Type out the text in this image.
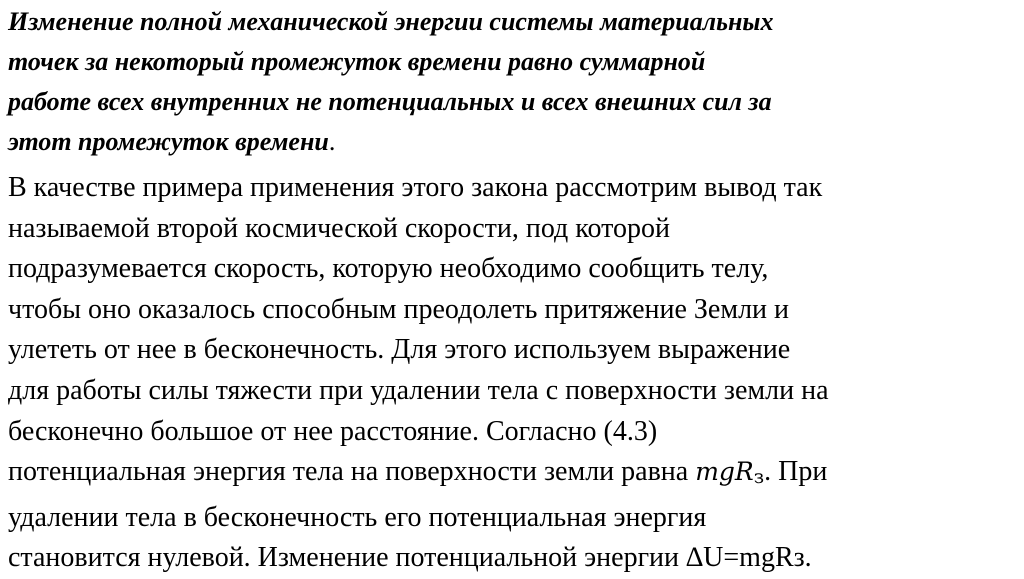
Изменение полной механической энергии системы материальных
точек за некоторый промежуток времени равно суммарной
работе всех внутренних не потенциальных и всех внешних сил за
этот промежуток времени.
В качестве примера применения этого закона рассмотрим вывод так
называемой второй космической скорости, под которой
подразумевается скорость, которую необходимо сообщить телу,
чтобы оно оказалось способным преодолеть притяжение Земли и
улететь от нее в бесконечность. Для этого используем выражение
для работы силы тяжести при удалении тела с поверхности земли на
бесконечно большое от нее расстояние. Согласно (4.3)
потенциальная энергия тела на поверхности земли равна mgRз. При
удалении тела в бесконечность его потенциальная энергия
становится нулевой. Изменение потенциальной энергии ∆U=mgRз.
